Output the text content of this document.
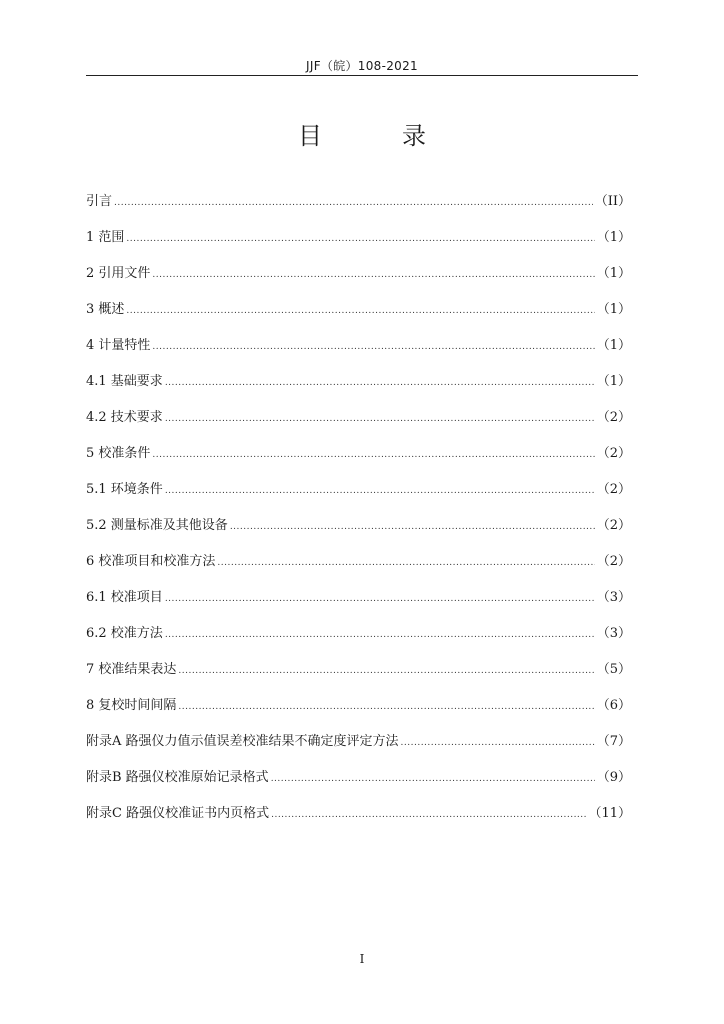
JJF（皖）108-2021
目　录
引言 .....	（II）
1 范围 .....	（1）
2 引用文件 .....	（1）
3 概述 .....	（1）
4 计量特性 .....	（1）
4.1 基础要求 .....	（1）
4.2 技术要求 .....	（2）
5 校准条件 .....	（2）
5.1 环境条件 .....	（2）
5.2 测量标准及其他设备 .....	（2）
6 校准项目和校准方法 .....	（2）
6.1 校准项目 .....	（3）
6.2 校准方法 .....	（3）
7 校准结果表达 .....	（5）
8 复校时间间隔 .....	（6）
附录A 路强仪力值示值误差校准结果不确定度评定方法 .....	（7）
附录B 路强仪校准原始记录格式 .....	（9）
附录C 路强仪校准证书内页格式 .....	（11）
I
